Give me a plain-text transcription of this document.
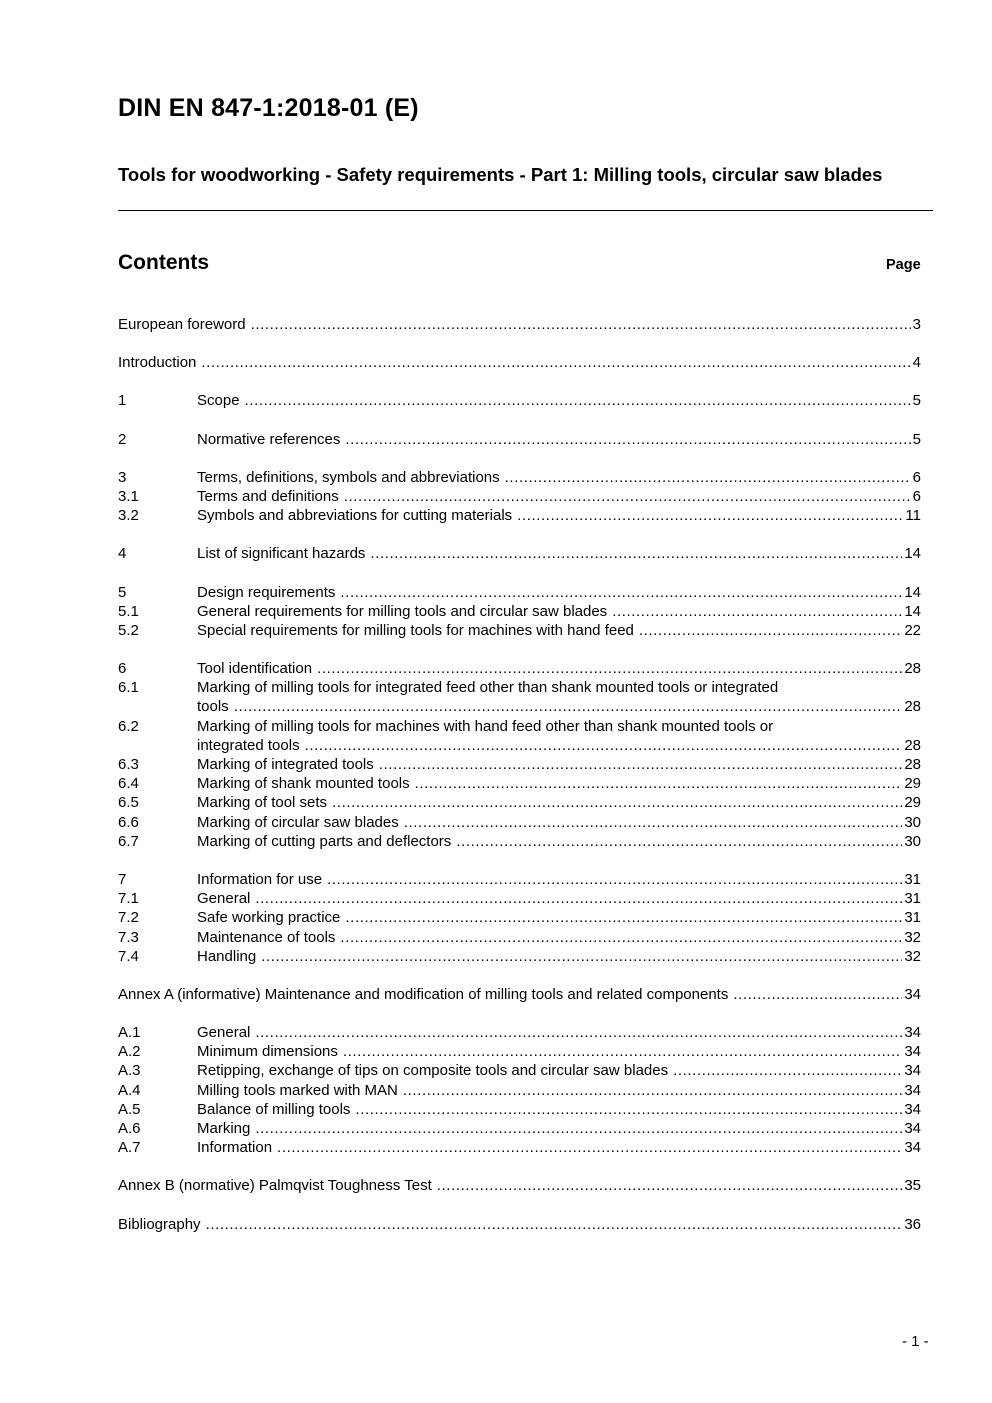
DIN EN 847-1:2018-01 (E)
Tools for woodworking - Safety requirements - Part 1: Milling tools, circular saw blades
Contents	Page
European foreword .....	3
Introduction .....	4
1	Scope .....	5
2	Normative references .....	5
3	Terms, definitions, symbols and abbreviations .....	6
3.1	Terms and definitions .....	6
3.2	Symbols and abbreviations for cutting materials .....	11
4	List of significant hazards .....	14
5	Design requirements .....	14
5.1	General requirements for milling tools and circular saw blades .....	14
5.2	Special requirements for milling tools for machines with hand feed .....	22
6	Tool identification .....	28
6.1	Marking of milling tools for integrated feed other than shank mounted tools or integrated
tools .....	28
6.2	Marking of milling tools for machines with hand feed other than shank mounted tools or
integrated tools .....	28
6.3	Marking of integrated tools .....	28
6.4	Marking of shank mounted tools .....	29
6.5	Marking of tool sets .....	29
6.6	Marking of circular saw blades .....	30
6.7	Marking of cutting parts and deflectors .....	30
7	Information for use .....	31
7.1	General .....	31
7.2	Safe working practice .....	31
7.3	Maintenance of tools .....	32
7.4	Handling .....	32
Annex A (informative) Maintenance and modification of milling tools and related components .....	34
A.1	General .....	34
A.2	Minimum dimensions .....	34
A.3	Retipping, exchange of tips on composite tools and circular saw blades .....	34
A.4	Milling tools marked with MAN .....	34
A.5	Balance of milling tools .....	34
A.6	Marking .....	34
A.7	Information .....	34
Annex B (normative) Palmqvist Toughness Test .....	35
Bibliography .....	36
- 1 -
